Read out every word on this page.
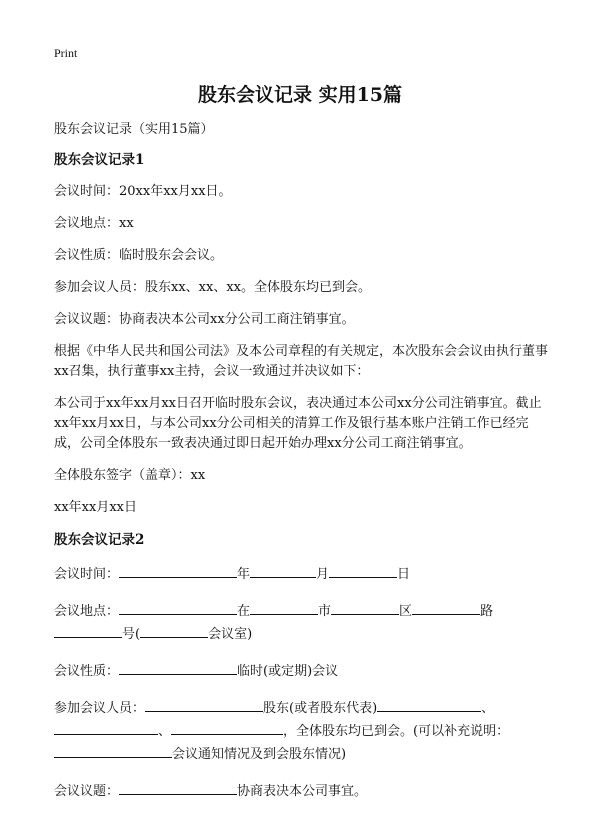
Print
股东会议记录 实用15篇

股东会议记录（实用15篇）

股东会议记录1

会议时间：20xx年xx月xx日。

会议地点：xx

会议性质：临时股东会会议。

参加会议人员：股东xx、xx、xx。全体股东均已到会。

会议议题：协商表决本公司xx分公司工商注销事宜。

根据《中华人民共和国公司法》及本公司章程的有关规定，本次股东会会议由执行董事xx召集，执行董事xx主持，会议一致通过并决议如下：

本公司于xx年xx月xx日召开临时股东会议，表决通过本公司xx分公司注销事宜。截止xx年xx月xx日，与本公司xx分公司相关的清算工作及银行基本账户注销工作已经完成，公司全体股东一致表决通过即日起开始办理xx分公司工商注销事宜。

全体股东签字（盖章）：xx

xx年xx月xx日

股东会议记录2

会议时间：	年	月	日

会议地点：	在	市	区	路
号(	会议室)

会议性质：	临时(或定期)会议

参加会议人员：	股东(或者股东代表)	、
、	，全体股东均已到会。(可以补充说明：
会议通知情况及到会股东情况)

会议议题：	协商表决本公司事宜。
